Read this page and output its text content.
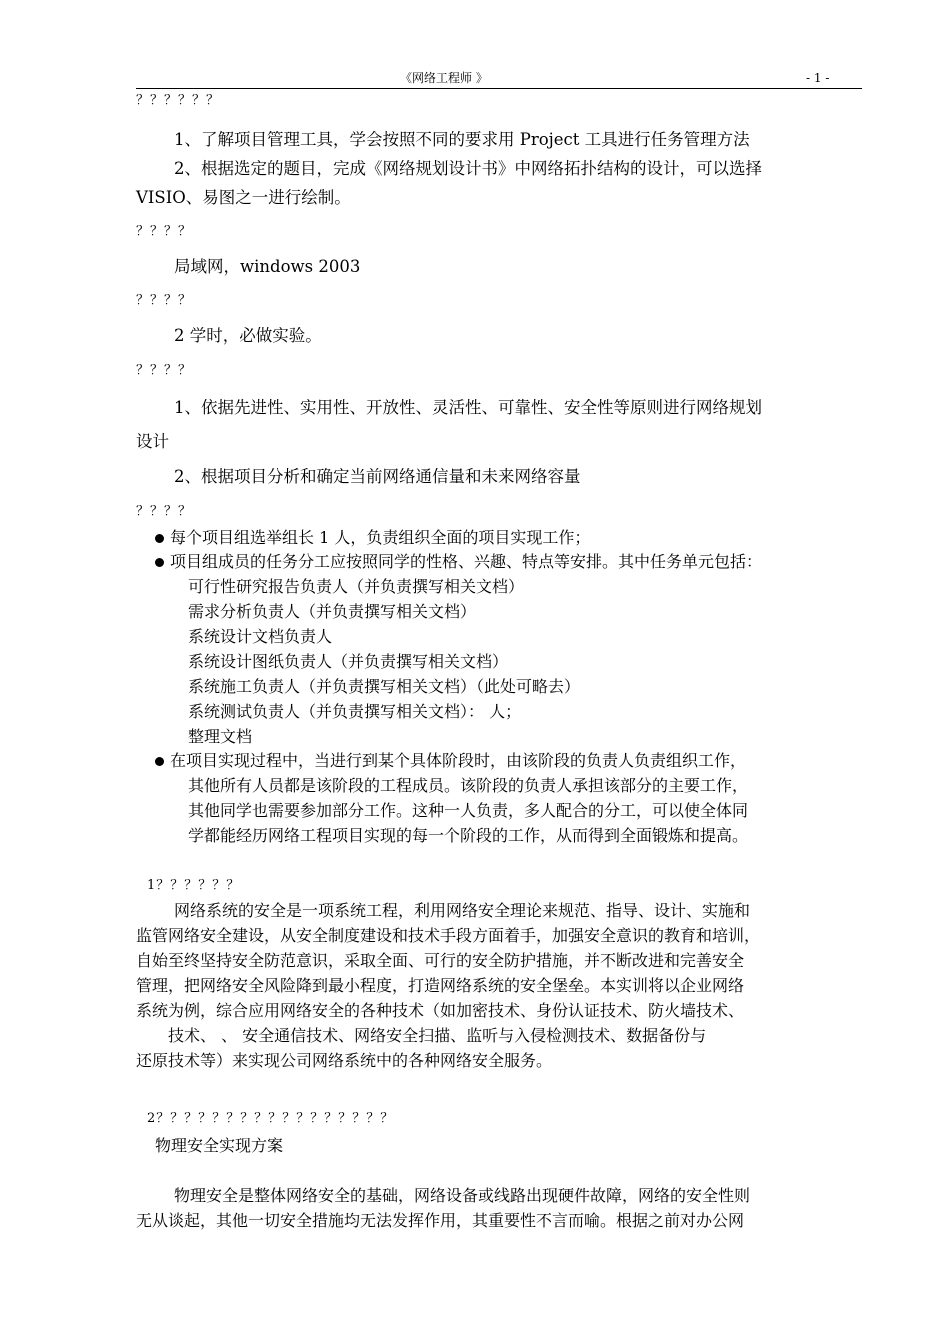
《网络工程师 》	- 1 -
？？？？？？
1、了解项目管理工具，学会按照不同的要求用 Project 工具进行任务管理方法
2、根据选定的题目，完成《网络规划设计书》中网络拓扑结构的设计，可以选择
VISIO、易图之一进行绘制。
？？？？
局域网，windows 2003
？？？？
2 学时，必做实验。
？？？？
1、依据先进性、实用性、开放性、灵活性、可靠性、安全性等原则进行网络规划
设计
2、根据项目分析和确定当前网络通信量和未来网络容量
？？？？
每个项目组选举组长 1 人，负责组织全面的项目实现工作；
项目组成员的任务分工应按照同学的性格、兴趣、特点等安排。其中任务单元包括：
可行性研究报告负责人（并负责撰写相关文档）
需求分析负责人（并负责撰写相关文档）
系统设计文档负责人
系统设计图纸负责人（并负责撰写相关文档）
系统施工负责人（并负责撰写相关文档）（此处可略去）
系统测试负责人（并负责撰写相关文档）： 人；
整理文档
在项目实现过程中，当进行到某个具体阶段时，由该阶段的负责人负责组织工作，
其他所有人员都是该阶段的工程成员。该阶段的负责人承担该部分的主要工作，
其他同学也需要参加部分工作。这种一人负责，多人配合的分工，可以使全体同
学都能经历网络工程项目实现的每一个阶段的工作，从而得到全面锻炼和提高。
1？？？？？？
网络系统的安全是一项系统工程，利用网络安全理论来规范、指导、设计、实施和
监管网络安全建设，从安全制度建设和技术手段方面着手，加强安全意识的教育和培训，
自始至终坚持安全防范意识，采取全面、可行的安全防护措施，并不断改进和完善安全
管理，把网络安全风险降到最小程度，打造网络系统的安全堡垒。本实训将以企业网络
系统为例，综合应用网络安全的各种技术（如加密技术、身份认证技术、防火墙技术、
技术、 、 安全通信技术、网络安全扫描、监听与入侵检测技术、数据备份与
还原技术等）来实现公司网络系统中的各种网络安全服务。
2？？？？？？？？？？？？？？？？？
物理安全实现方案
物理安全是整体网络安全的基础，网络设备或线路出现硬件故障，网络的安全性则
无从谈起，其他一切安全措施均无法发挥作用，其重要性不言而喻。根据之前对办公网
